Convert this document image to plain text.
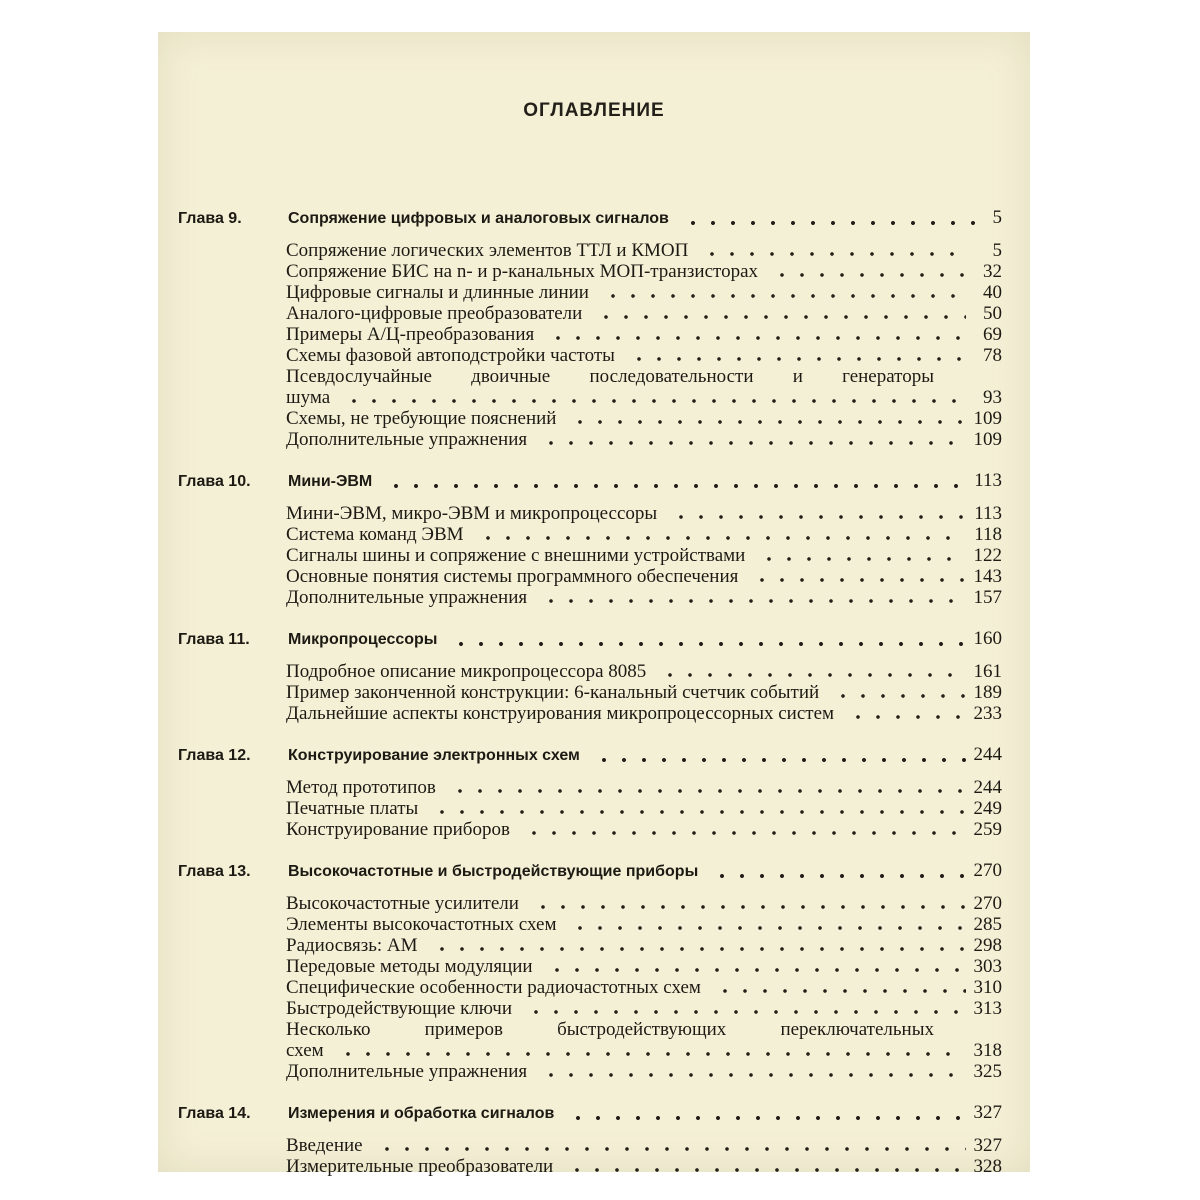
ОГЛАВЛЕНИЕ
Глава 9.	Сопряжение цифровых и аналоговых сигналов	5
Сопряжение логических элементов ТТЛ и КМОП	5
Сопряжение БИС на n- и p-канальных МОП-транзисторах	32
Цифровые сигналы и длинные линии	40
Аналого-цифровые преобразователи	50
Примеры А/Ц-преобразования	69
Схемы фазовой автоподстройки частоты	78
Псевдослучайные двоичные последовательности и генераторы
шума	93
Схемы, не требующие пояснений	109
Дополнительные упражнения	109
Глава 10.	Мини-ЭВМ	113
Мини-ЭВМ, микро-ЭВМ и микропроцессоры	113
Система команд ЭВМ	118
Сигналы шины и сопряжение с внешними устройствами	122
Основные понятия системы программного обеспечения	143
Дополнительные упражнения	157
Глава 11.	Микропроцессоры	160
Подробное описание микропроцессора 8085	161
Пример законченной конструкции: 6-канальный счетчик событий	189
Дальнейшие аспекты конструирования микропроцессорных систем	233
Глава 12.	Конструирование электронных схем	244
Метод прототипов	244
Печатные платы	249
Конструирование приборов	259
Глава 13.	Высокочастотные и быстродействующие приборы	270
Высокочастотные усилители	270
Элементы высокочастотных схем	285
Радиосвязь: AM	298
Передовые методы модуляции	303
Специфические особенности радиочастотных схем	310
Быстродействующие ключи	313
Несколько примеров быстродействующих переключательных
схем	318
Дополнительные упражнения	325
Глава 14.	Измерения и обработка сигналов	327
Введение	327
Измерительные преобразователи	328
